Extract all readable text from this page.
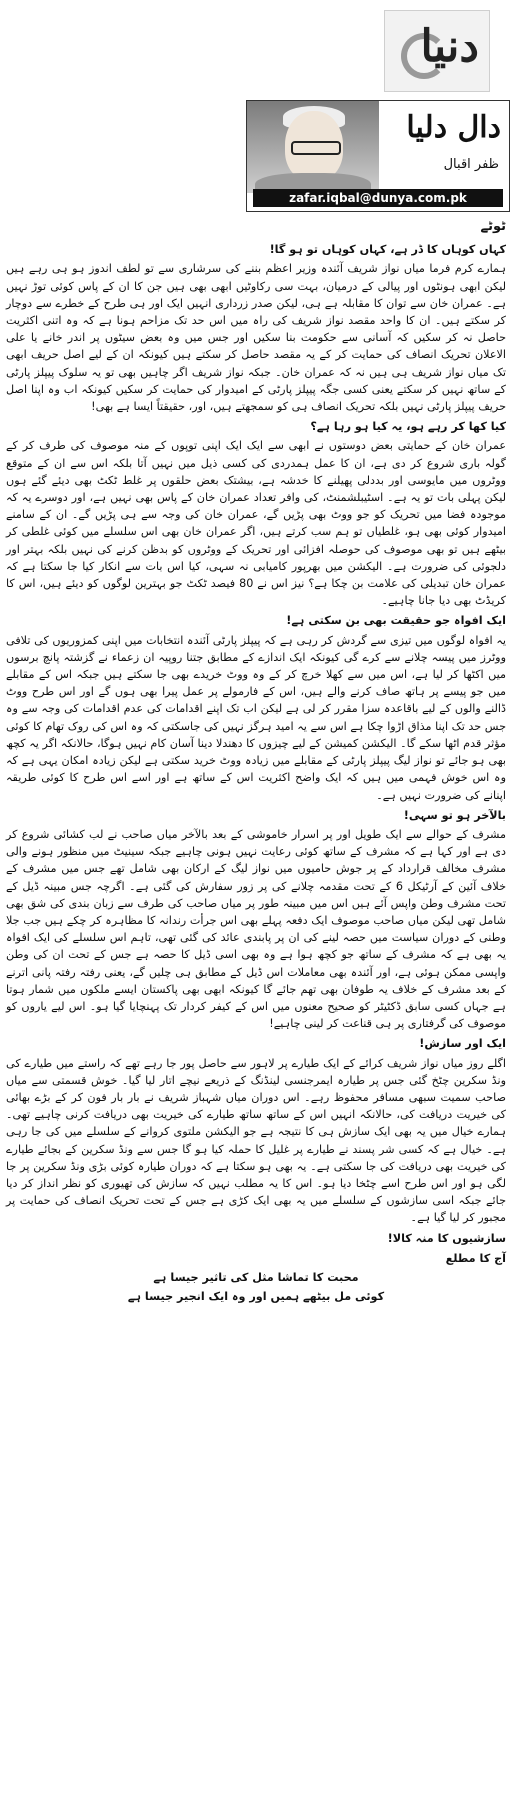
دنیا
دال دلیا
ظفر اقبال
zafar.iqbal@dunya.com.pk

ٹوٹے

کہاں کوہاں کا ڈر ہے، کہاں کوہاں تو ہو گا!

ہمارے کرم فرما میاں نواز شریف آئندہ وزیر اعظم بننے کی سرشاری سے تو لطف اندوز ہو ہی رہے ہیں لیکن ابھی ہونٹوں اور پیالی کے درمیان، بہت سی رکاوٹیں ابھی بھی ہیں جن کا ان کے پاس کوئی توڑ نہیں ہے۔ عمران خان سے توان کا مقابلہ ہے ہی، لیکن صدر زرداری انہیں ایک اور ہی طرح کے خطرے سے دوچار کر سکتے ہیں۔ ان کا واحد مقصد نواز شریف کی راہ میں اس حد تک مزاحم ہونا ہے کہ وہ اتنی اکثریت حاصل نہ کر سکیں کہ آسانی سے حکومت بنا سکیں اور جس میں وہ بعض سیٹوں پر اندر خانے یا علی الاعلان تحریک انصاف کی حمایت کر کے یہ مقصد حاصل کر سکتے ہیں کیونکہ ان کے لیے اصل حریف ابھی تک میاں نواز شریف ہی ہیں نہ کہ عمران خان۔ جبکہ نواز شریف اگر چاہیں بھی تو یہ سلوک پیپلز پارٹی کے ساتھ نہیں کر سکتے یعنی کسی جگہ پیپلز پارٹی کے امیدوار کی حمایت کر سکیں کیونکہ اب وہ اپنا اصل حریف پیپلز پارٹی نہیں بلکہ تحریک انصاف ہی کو سمجھتے ہیں، اور، حقیقتاً ایسا ہے بھی!

کیا کھا کر رہے ہو، یہ کیا ہو رہا ہے؟

عمران خان کے حمایتی بعض دوستوں نے ابھی سے ایک ایک اپنی توپوں کے منہ موصوف کی طرف کر کے گولہ باری شروع کر دی ہے، ان کا عمل ہمدردی کی کسی ذیل میں نہیں آتا بلکہ اس سے ان کے متوقع ووٹروں میں مایوسی اور بددلی پھیلنے کا خدشہ ہے، بیشتک بعض حلقوں پر غلط ٹکٹ بھی دیئے گئے ہوں لیکن پہلی بات تو یہ ہے۔ اسٹیبلشمنٹ، کی وافر تعداد عمران خان کے پاس بھی نہیں ہے، اور دوسرے یہ کہ موجودہ فضا میں تحریک کو جو ووٹ بھی پڑیں گے، عمران خان کی وجہ سے ہی پڑیں گے۔ ان کے سامنے امیدوار کوئی بھی ہو، غلطیاں تو ہم سب کرتے ہیں، اگر عمران خان بھی اس سلسلے میں کوئی غلطی کر بیٹھے ہیں تو بھی موصوف کی حوصلہ افزائی اور تحریک کے ووٹروں کو بدظن کرنے کی نہیں بلکہ بہتر اور دلجوئی کی ضرورت ہے۔ الیکشن میں بھرپور کامیابی نہ سہی، کیا اس بات سے انکار کیا جا سکتا ہے کہ عمران خان تبدیلی کی علامت بن چکا ہے؟ نیز اس نے 80 فیصد ٹکٹ جو بہترین لوگوں کو دیئے ہیں، اس کا کریڈٹ بھی دیا جانا چاہیے۔

ایک افواہ جو حقیقت بھی بن سکتی ہے!

یہ افواہ لوگوں میں تیزی سے گردش کر رہی ہے کہ پیپلز پارٹی آئندہ انتخابات میں اپنی کمزوریوں کی تلافی ووٹرز میں پیسہ چلانے سے کرے گی کیونکہ ایک اندازے کے مطابق جتنا روپیہ ان زعماء نے گزشتہ پانچ برسوں میں اکٹھا کر لیا ہے، اس میں سے کھلا خرچ کر کے وہ ووٹ خریدے بھی جا سکتے ہیں جبکہ اس کے مقابلے میں جو پیسے پر ہاتھ صاف کرنے والے ہیں، اس کے فارمولے پر عمل پیرا بھی ہوں گے اور اس طرح ووٹ ڈالنے والوں کے لیے باقاعدہ سزا مقرر کر لی ہے لیکن اب تک اپنے اقدامات کی عدم اقدامات کی وجہ سے وہ جس حد تک اپنا مذاق اڑوا چکا ہے اس سے یہ امید ہرگز نہیں کی جاسکتی کہ وہ اس کی روک تھام کا کوئی مؤثر قدم اٹھا سکے گا۔ الیکشن کمیشن کے لیے چیزوں کا دھندلا دینا آسان کام نہیں ہوگا، حالانکہ اگر یہ کچھ بھی ہو جائے تو نواز لیگ پیپلز پارٹی کے مقابلے میں زیادہ ووٹ خرید سکتی ہے لیکن زیادہ امکان یہی ہے کہ وہ اس خوش فہمی میں ہیں کہ ایک واضح اکثریت اس کے ساتھ ہے اور اسے اس طرح کا کوئی طریقہ اپنانے کی ضرورت نہیں ہے۔

بالآخر ہو تو سہی!

مشرف کے حوالے سے ایک طویل اور پر اسرار خاموشی کے بعد بالآخر میاں صاحب نے لب کشائی شروع کر دی ہے اور کہا ہے کہ مشرف کے ساتھ کوئی رعایت نہیں ہونی چاہیے جبکہ سینیٹ میں منظور ہونے والی مشرف مخالف قرارداد کے پر جوش حامیوں میں نواز لیگ کے ارکان بھی شامل تھے جس میں مشرف کے خلاف آئین کے آرٹیکل 6 کے تحت مقدمہ چلانے کی پر زور سفارش کی گئی ہے۔ اگرچہ جس مبینہ ڈیل کے تحت مشرف وطن واپس آئے ہیں اس میں مبینہ طور پر میاں صاحب کی طرف سے زبان بندی کی شق بھی شامل تھی لیکن میاں صاحب موصوف ایک دفعہ پہلے بھی اس جرأت رندانہ کا مظاہرہ کر چکے ہیں جب جلا وطنی کے دوران سیاست میں حصہ لینے کی ان پر پابندی عائد کی گئی تھی، تاہم اس سلسلے کی ایک افواہ یہ بھی ہے کہ مشرف کے ساتھ جو کچھ ہوا ہے وہ بھی اسی ڈیل کا حصہ ہے جس کے تحت ان کی وطن واپسی ممکن ہوئی ہے، اور آئندہ بھی معاملات اس ڈیل کے مطابق ہی چلیں گے، یعنی رفتہ رفتہ پانی اترنے کے بعد مشرف کے خلاف یہ طوفان بھی تھم جائے گا کیونکہ ابھی بھی پاکستان ایسے ملکوں میں شمار ہوتا ہے جہاں کسی سابق ڈکٹیٹر کو صحیح معنوں میں اس کے کیفر کردار تک پہنچایا گیا ہو۔ اس لیے یاروں کو موصوف کی گرفتاری پر ہی قناعت کر لینی چاہیے!

ایک اور سازش!

اگلے روز میاں نواز شریف کرائے کے ایک طیارے پر لاہور سے حاصل پور جا رہے تھے کہ راستے میں طیارے کی ونڈ سکرین چٹخ گئی جس پر طیارہ ایمرجنسی لینڈنگ کے ذریعے نیچے اتار لیا گیا۔ خوش قسمتی سے میاں صاحب سمیت سبھی مسافر محفوظ رہے۔ اس دوران میاں شہباز شریف نے بار بار فون کر کے بڑے بھائی کی خیریت دریافت کی، حالانکہ انہیں اس کے ساتھ ساتھ طیارے کی خیریت بھی دریافت کرنی چاہیے تھی۔ ہمارے خیال میں یہ بھی ایک سازش ہی کا نتیجہ ہے جو الیکشن ملتوی کروانے کے سلسلے میں کی جا رہی ہے۔ خیال ہے کہ کسی شر پسند نے طیارے پر غلیل کا حملہ کیا ہو گا جس سے ونڈ سکرین کے بجائے طیارے کی خیریت بھی دریافت کی جا سکتی ہے۔ یہ بھی ہو سکتا ہے کہ دوران طیارہ کوئی بڑی ونڈ سکرین پر جا لگی ہو اور اس طرح اسے چٹخا دیا ہو۔ اس کا یہ مطلب نہیں کہ سازش کی تھیوری کو نظر انداز کر دیا جائے جبکہ اسی سازشوں کے سلسلے میں یہ بھی ایک کڑی ہے جس کے تحت تحریک انصاف کی حمایت پر مجبور کر لیا گیا ہے۔

سازشیوں کا منہ کالا!

آج کا مطلع

محبت کا تماشا مثل کی تاثیر جیسا ہے

کوئی مل بیٹھے ہمیں اور وہ ایک انجیر جیسا ہے
